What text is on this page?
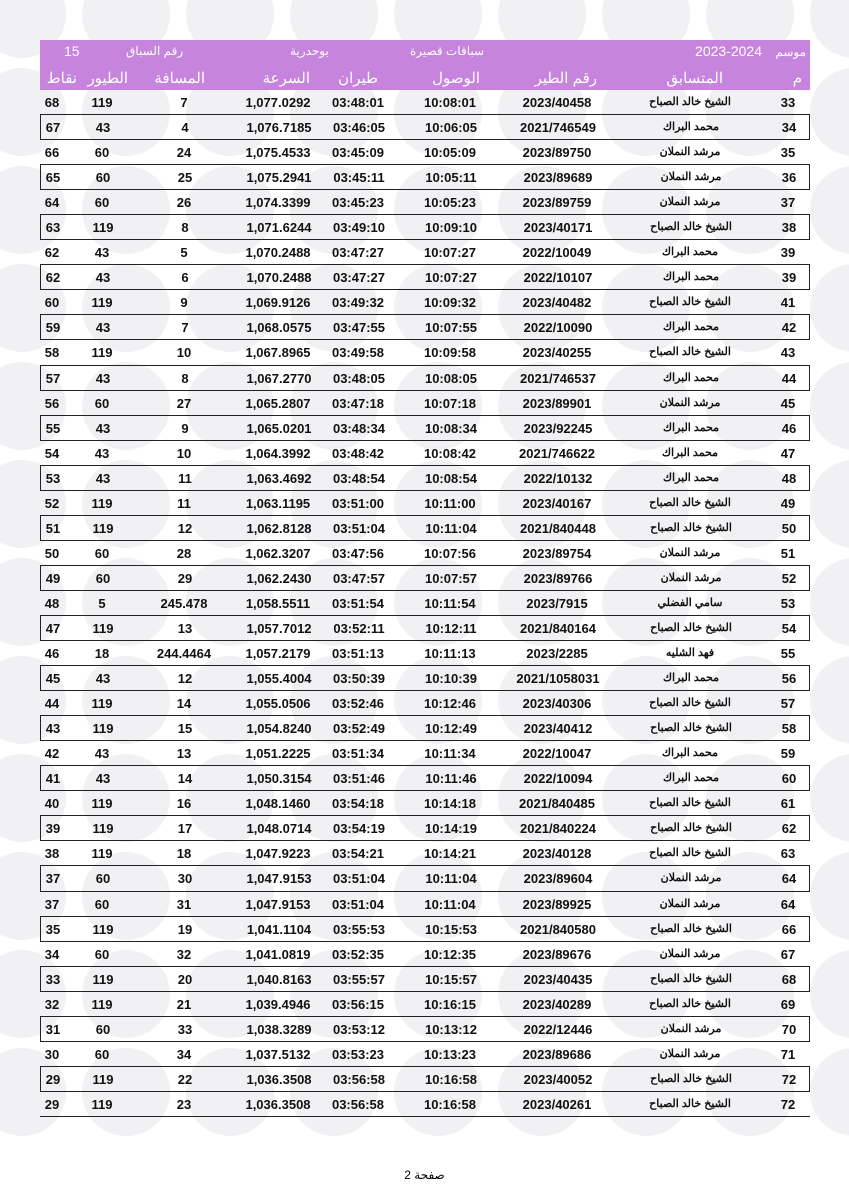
موسم
2023-2024
سباقات قصيرة
بوحدرية
رقم السباق
15
م
المتسابق
رقم الطير
الوصول
طيران
السرعة
المسافة
الطيور
نقاط
33
الشيخ خالد الصباح
2023/40458
10:08:01
03:48:01
1,077.0292
7
119
68
34
محمد البراك
2021/746549
10:06:05
03:46:05
1,076.7185
4
43
67
35
مرشد النملان
2023/89750
10:05:09
03:45:09
1,075.4533
24
60
66
36
مرشد النملان
2023/89689
10:05:11
03:45:11
1,075.2941
25
60
65
37
مرشد النملان
2023/89759
10:05:23
03:45:23
1,074.3399
26
60
64
38
الشيخ خالد الصباح
2023/40171
10:09:10
03:49:10
1,071.6244
8
119
63
39
محمد البراك
2022/10049
10:07:27
03:47:27
1,070.2488
5
43
62
39
محمد البراك
2022/10107
10:07:27
03:47:27
1,070.2488
6
43
62
41
الشيخ خالد الصباح
2023/40482
10:09:32
03:49:32
1,069.9126
9
119
60
42
محمد البراك
2022/10090
10:07:55
03:47:55
1,068.0575
7
43
59
43
الشيخ خالد الصباح
2023/40255
10:09:58
03:49:58
1,067.8965
10
119
58
44
محمد البراك
2021/746537
10:08:05
03:48:05
1,067.2770
8
43
57
45
مرشد النملان
2023/89901
10:07:18
03:47:18
1,065.2807
27
60
56
46
محمد البراك
2023/92245
10:08:34
03:48:34
1,065.0201
9
43
55
47
محمد البراك
2021/746622
10:08:42
03:48:42
1,064.3992
10
43
54
48
محمد البراك
2022/10132
10:08:54
03:48:54
1,063.4692
11
43
53
49
الشيخ خالد الصباح
2023/40167
10:11:00
03:51:00
1,063.1195
11
119
52
50
الشيخ خالد الصباح
2021/840448
10:11:04
03:51:04
1,062.8128
12
119
51
51
مرشد النملان
2023/89754
10:07:56
03:47:56
1,062.3207
28
60
50
52
مرشد النملان
2023/89766
10:07:57
03:47:57
1,062.2430
29
60
49
53
سامي الفضلي
2023/7915
10:11:54
03:51:54
1,058.5511
245.478
5
48
54
الشيخ خالد الصباح
2021/840164
10:12:11
03:52:11
1,057.7012
13
119
47
55
فهد الشليه
2023/2285
10:11:13
03:51:13
1,057.2179
244.4464
18
46
56
محمد البراك
2021/1058031
10:10:39
03:50:39
1,055.4004
12
43
45
57
الشيخ خالد الصباح
2023/40306
10:12:46
03:52:46
1,055.0506
14
119
44
58
الشيخ خالد الصباح
2023/40412
10:12:49
03:52:49
1,054.8240
15
119
43
59
محمد البراك
2022/10047
10:11:34
03:51:34
1,051.2225
13
43
42
60
محمد البراك
2022/10094
10:11:46
03:51:46
1,050.3154
14
43
41
61
الشيخ خالد الصباح
2021/840485
10:14:18
03:54:18
1,048.1460
16
119
40
62
الشيخ خالد الصباح
2021/840224
10:14:19
03:54:19
1,048.0714
17
119
39
63
الشيخ خالد الصباح
2023/40128
10:14:21
03:54:21
1,047.9223
18
119
38
64
مرشد النملان
2023/89604
10:11:04
03:51:04
1,047.9153
30
60
37
64
مرشد النملان
2023/89925
10:11:04
03:51:04
1,047.9153
31
60
37
66
الشيخ خالد الصباح
2021/840580
10:15:53
03:55:53
1,041.1104
19
119
35
67
مرشد النملان
2023/89676
10:12:35
03:52:35
1,041.0819
32
60
34
68
الشيخ خالد الصباح
2023/40435
10:15:57
03:55:57
1,040.8163
20
119
33
69
الشيخ خالد الصباح
2023/40289
10:16:15
03:56:15
1,039.4946
21
119
32
70
مرشد النملان
2022/12446
10:13:12
03:53:12
1,038.3289
33
60
31
71
مرشد النملان
2023/89686
10:13:23
03:53:23
1,037.5132
34
60
30
72
الشيخ خالد الصباح
2023/40052
10:16:58
03:56:58
1,036.3508
22
119
29
72
الشيخ خالد الصباح
2023/40261
10:16:58
03:56:58
1,036.3508
23
119
29
صفحة 2
